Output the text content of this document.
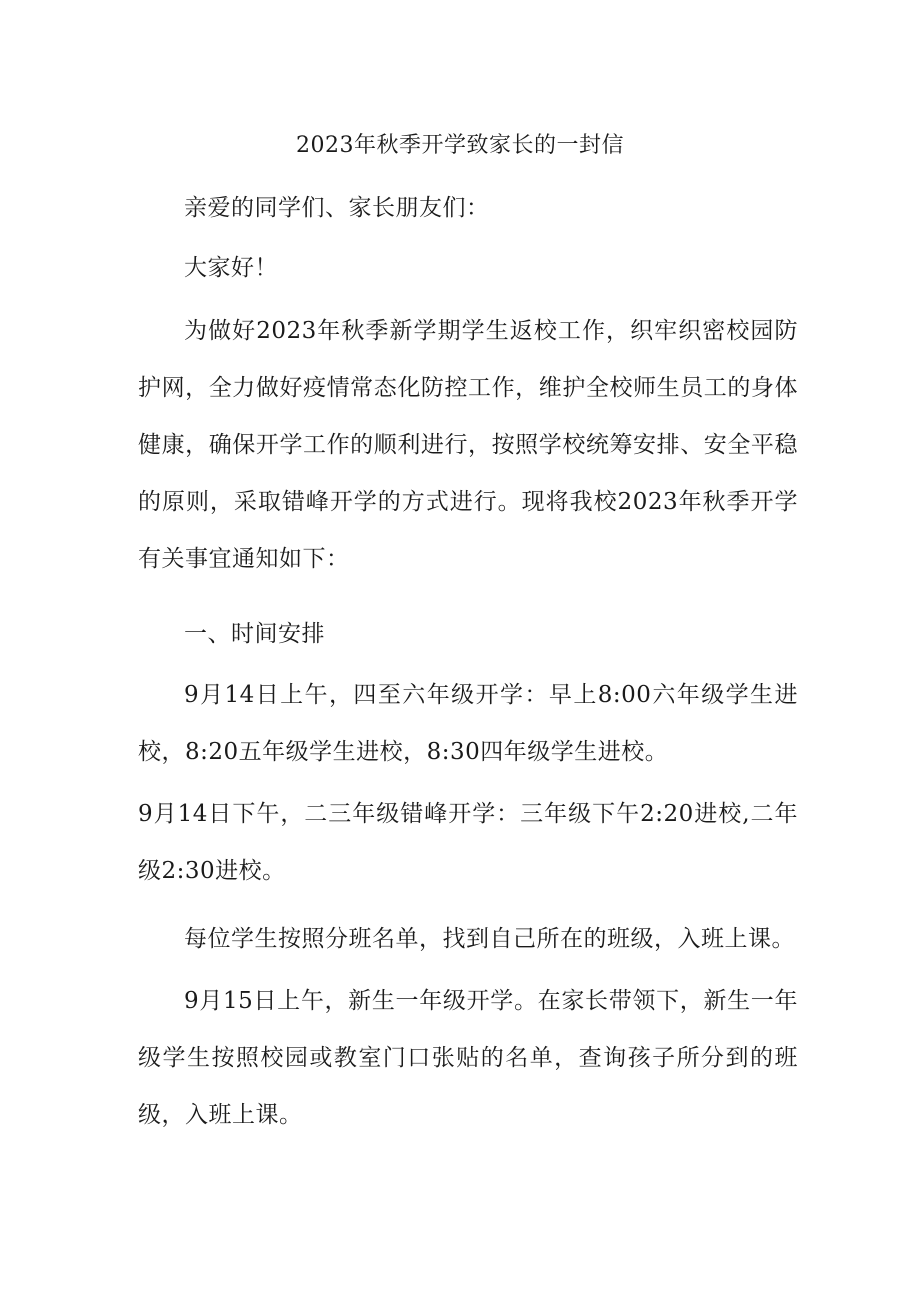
2023年秋季开学致家长的一封信

亲爱的同学们、家长朋友们：

大家好！

为做好2023年秋季新学期学生返校工作，织牢织密校园防护网，全力做好疫情常态化防控工作，维护全校师生员工的身体健康，确保开学工作的顺利进行，按照学校统筹安排、安全平稳的原则，采取错峰开学的方式进行。现将我校2023年秋季开学有关事宜通知如下：

一、时间安排

9月14日上午，四至六年级开学：早上8:00六年级学生进校，8:20五年级学生进校，8:30四年级学生进校。

9月14日下午，二三年级错峰开学：三年级下午2:20进校,二年级2:30进校。

每位学生按照分班名单，找到自己所在的班级，入班上课。

9月15日上午，新生一年级开学。在家长带领下，新生一年级学生按照校园或教室门口张贴的名单，查询孩子所分到的班级，入班上课。
